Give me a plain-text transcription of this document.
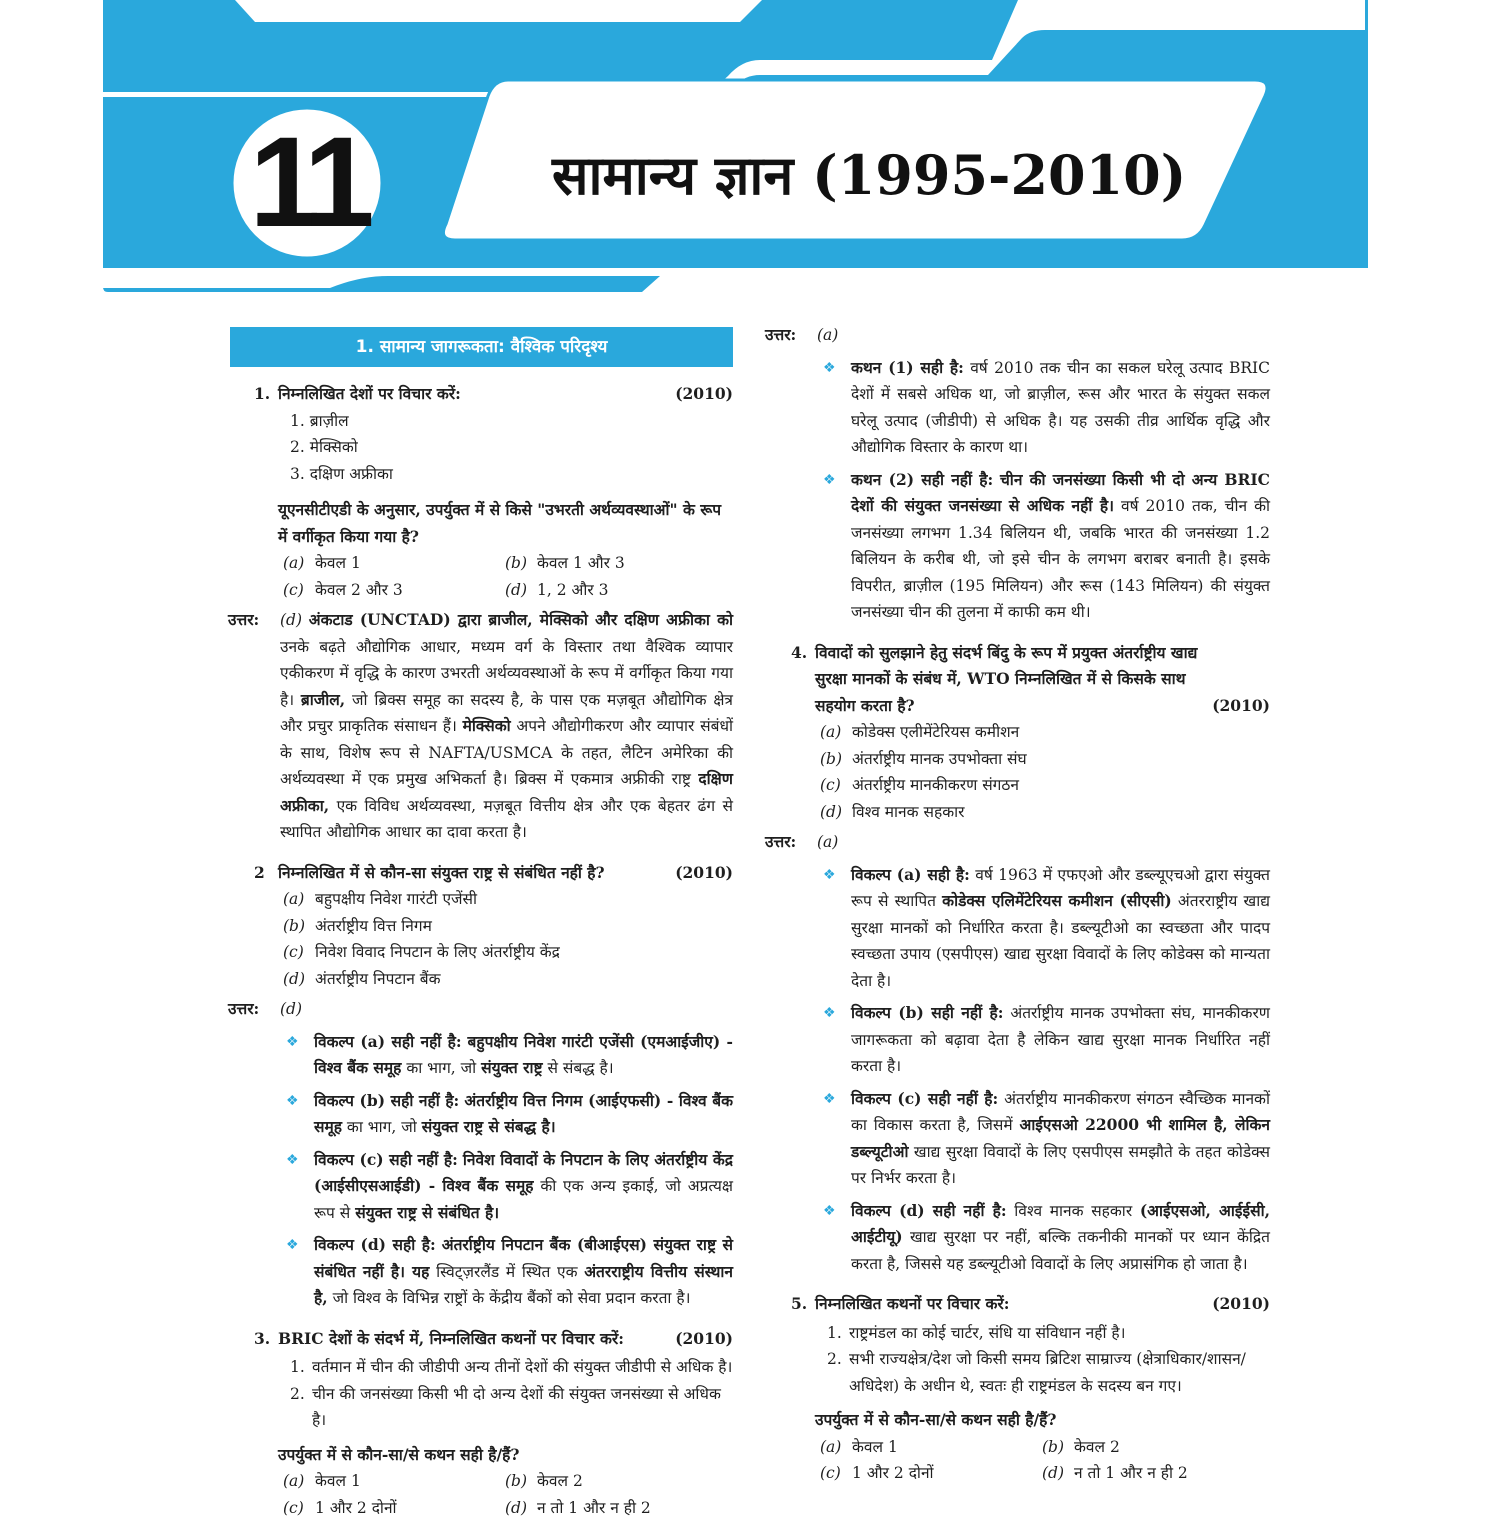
11	सामान्य ज्ञान (1995-2010)
1. सामान्य जागरूकता: वैश्विक परिदृश्य
1. निम्नलिखित देशों पर विचार करें:	(2010)
1. ब्राज़ील
2. मेक्सिको
3. दक्षिण अफ्रीका
यूएनसीटीएडी के अनुसार, उपर्युक्त में से किसे "उभरती अर्थव्यवस्थाओं" के रूप में वर्गीकृत किया गया है?
(a) केवल 1	(b) केवल 1 और 3
(c) केवल 2 और 3	(d) 1, 2 और 3
उत्तर: (d) अंकटाड (UNCTAD) द्वारा ब्राजील, मेक्सिको और दक्षिण अफ्रीका को उनके बढ़ते औद्योगिक आधार, मध्यम वर्ग के विस्तार तथा वैश्विक व्यापार एकीकरण में वृद्धि के कारण उभरती अर्थव्यवस्थाओं के रूप में वर्गीकृत किया गया है। ब्राजील, जो ब्रिक्स समूह का सदस्य है, के पास एक मज़बूत औद्योगिक क्षेत्र और प्रचुर प्राकृतिक संसाधन हैं। मेक्सिको अपने औद्योगीकरण और व्यापार संबंधों के साथ, विशेष रूप से NAFTA/USMCA के तहत, लैटिन अमेरिका की अर्थव्यवस्था में एक प्रमुख अभिकर्ता है। ब्रिक्स में एकमात्र अफ्रीकी राष्ट्र दक्षिण अफ्रीका, एक विविध अर्थव्यवस्था, मज़बूत वित्तीय क्षेत्र और एक बेहतर ढंग से स्थापित औद्योगिक आधार का दावा करता है।
2 निम्नलिखित में से कौन-सा संयुक्त राष्ट्र से संबंधित नहीं है?	(2010)
(a) बहुपक्षीय निवेश गारंटी एजेंसी
(b) अंतर्राष्ट्रीय वित्त निगम
(c) निवेश विवाद निपटान के लिए अंतर्राष्ट्रीय केंद्र
(d) अंतर्राष्ट्रीय निपटान बैंक
उत्तर: (d)
❖ विकल्प (a) सही नहीं है: बहुपक्षीय निवेश गारंटी एजेंसी (एमआईजीए) - विश्व बैंक समूह का भाग, जो संयुक्त राष्ट्र से संबद्ध है।
❖ विकल्प (b) सही नहीं है: अंतर्राष्ट्रीय वित्त निगम (आईएफसी) - विश्व बैंक समूह का भाग, जो संयुक्त राष्ट्र से संबद्ध है।
❖ विकल्प (c) सही नहीं है: निवेश विवादों के निपटान के लिए अंतर्राष्ट्रीय केंद्र (आईसीएसआईडी) - विश्व बैंक समूह की एक अन्य इकाई, जो अप्रत्यक्ष रूप से संयुक्त राष्ट्र से संबंधित है।
❖ विकल्प (d) सही है: अंतर्राष्ट्रीय निपटान बैंक (बीआईएस) संयुक्त राष्ट्र से संबंधित नहीं है। यह स्विट्ज़रलैंड में स्थित एक अंतरराष्ट्रीय वित्तीय संस्थान है, जो विश्व के विभिन्न राष्ट्रों के केंद्रीय बैंकों को सेवा प्रदान करता है।
3. BRIC देशों के संदर्भ में, निम्नलिखित कथनों पर विचार करें:	(2010)
1. वर्तमान में चीन की जीडीपी अन्य तीनों देशों की संयुक्त जीडीपी से अधिक है।
2. चीन की जनसंख्या किसी भी दो अन्य देशों की संयुक्त जनसंख्या से अधिक है।
उपर्युक्त में से कौन-सा/से कथन सही है/हैं?
(a) केवल 1	(b) केवल 2
(c) 1 और 2 दोनों	(d) न तो 1 और न ही 2
उत्तर: (a)
❖ कथन (1) सही है: वर्ष 2010 तक चीन का सकल घरेलू उत्पाद BRIC देशों में सबसे अधिक था, जो ब्राज़ील, रूस और भारत के संयुक्त सकल घरेलू उत्पाद (जीडीपी) से अधिक है। यह उसकी तीव्र आर्थिक वृद्धि और औद्योगिक विस्तार के कारण था।
❖ कथन (2) सही नहीं है: चीन की जनसंख्या किसी भी दो अन्य BRIC देशों की संयुक्त जनसंख्या से अधिक नहीं है। वर्ष 2010 तक, चीन की जनसंख्या लगभग 1.34 बिलियन थी, जबकि भारत की जनसंख्या 1.2 बिलियन के करीब थी, जो इसे चीन के लगभग बराबर बनाती है। इसके विपरीत, ब्राज़ील (195 मिलियन) और रूस (143 मिलियन) की संयुक्त जनसंख्या चीन की तुलना में काफी कम थी।
4. विवादों को सुलझाने हेतु संदर्भ बिंदु के रूप में प्रयुक्त अंतर्राष्ट्रीय खाद्य सुरक्षा मानकों के संबंध में, WTO निम्नलिखित में से किसके साथ सहयोग करता है?	(2010)
(a) कोडेक्स एलीमेंटेरियस कमीशन
(b) अंतर्राष्ट्रीय मानक उपभोक्ता संघ
(c) अंतर्राष्ट्रीय मानकीकरण संगठन
(d) विश्व मानक सहकार
उत्तर: (a)
❖ विकल्प (a) सही है: वर्ष 1963 में एफएओ और डब्ल्यूएचओ द्वारा संयुक्त रूप से स्थापित कोडेक्स एलिमेंटेरियस कमीशन (सीएसी) अंतरराष्ट्रीय खाद्य सुरक्षा मानकों को निर्धारित करता है। डब्ल्यूटीओ का स्वच्छता और पादप स्वच्छता उपाय (एसपीएस) खाद्य सुरक्षा विवादों के लिए कोडेक्स को मान्यता देता है।
❖ विकल्प (b) सही नहीं है: अंतर्राष्ट्रीय मानक उपभोक्ता संघ, मानकीकरण जागरूकता को बढ़ावा देता है लेकिन खाद्य सुरक्षा मानक निर्धारित नहीं करता है।
❖ विकल्प (c) सही नहीं है: अंतर्राष्ट्रीय मानकीकरण संगठन स्वैच्छिक मानकों का विकास करता है, जिसमें आईएसओ 22000 भी शामिल है, लेकिन डब्ल्यूटीओ खाद्य सुरक्षा विवादों के लिए एसपीएस समझौते के तहत कोडेक्स पर निर्भर करता है।
❖ विकल्प (d) सही नहीं है: विश्व मानक सहकार (आईएसओ, आईईसी, आईटीयू) खाद्य सुरक्षा पर नहीं, बल्कि तकनीकी मानकों पर ध्यान केंद्रित करता है, जिससे यह डब्ल्यूटीओ विवादों के लिए अप्रासंगिक हो जाता है।
5. निम्नलिखित कथनों पर विचार करें:	(2010)
1. राष्ट्रमंडल का कोई चार्टर, संधि या संविधान नहीं है।
2. सभी राज्यक्षेत्र/देश जो किसी समय ब्रिटिश साम्राज्य (क्षेत्राधिकार/शासन/अधिदेश) के अधीन थे, स्वतः ही राष्ट्रमंडल के सदस्य बन गए।
उपर्युक्त में से कौन-सा/से कथन सही है/हैं?
(a) केवल 1	(b) केवल 2
(c) 1 और 2 दोनों	(d) न तो 1 और न ही 2
